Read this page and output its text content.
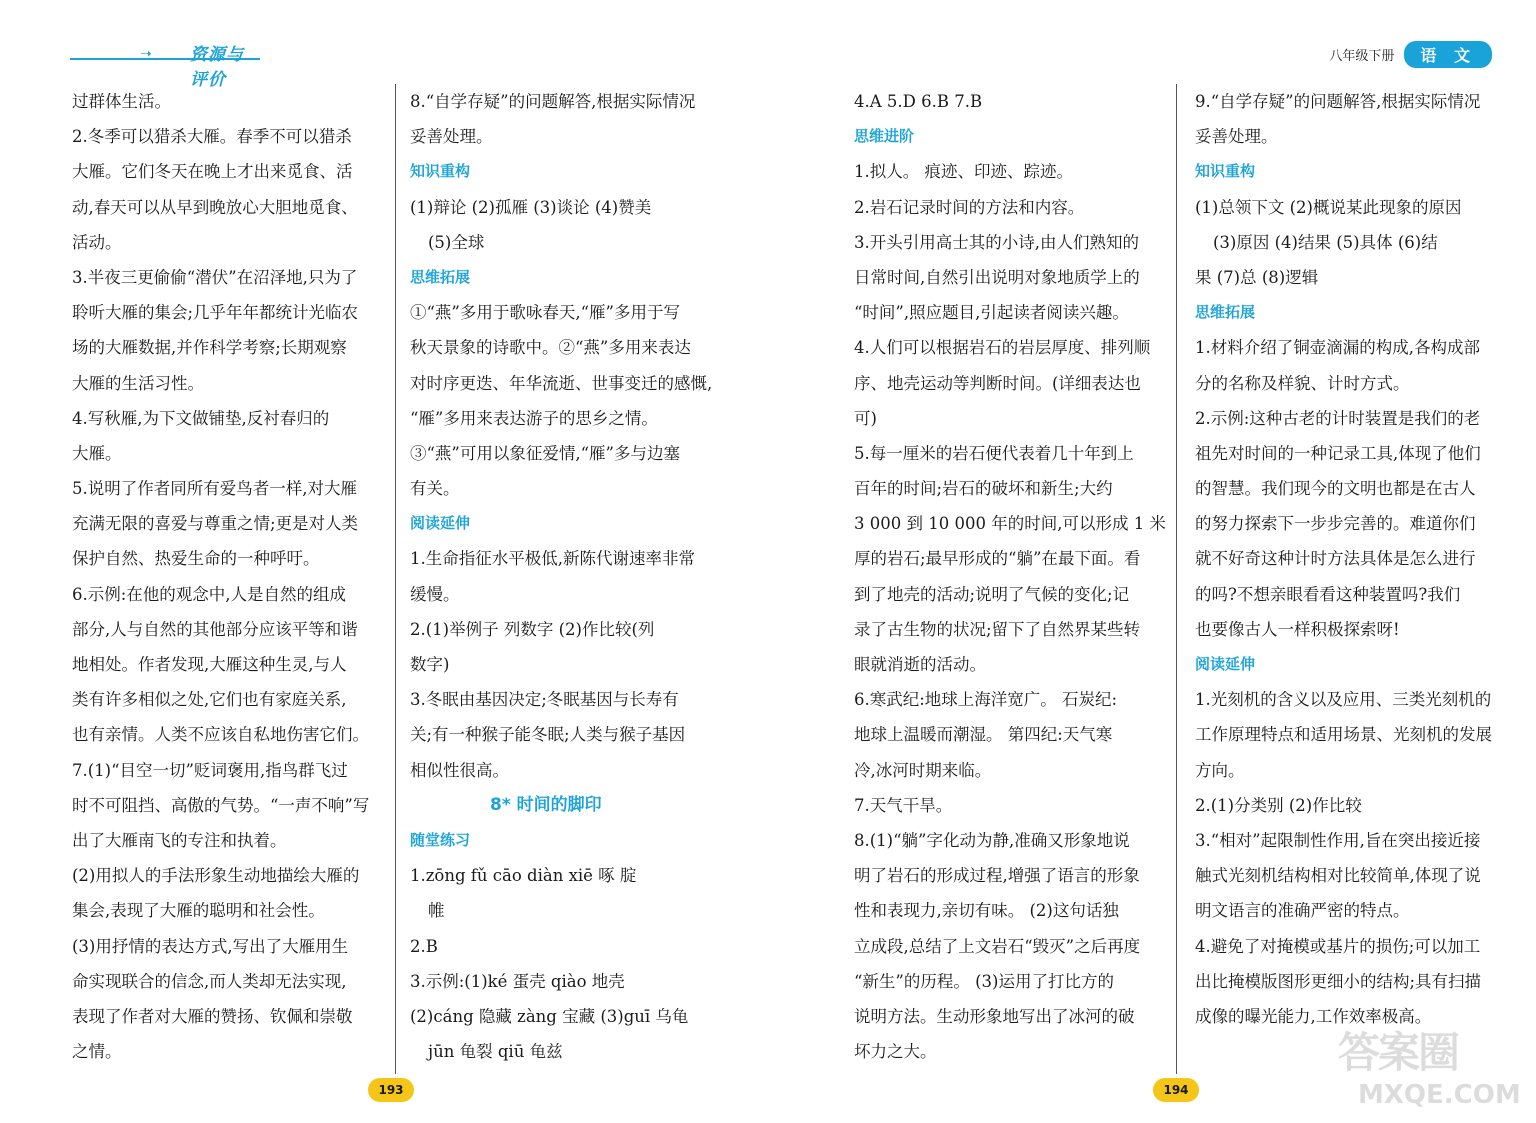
➝ 资源与评价
过群体生活。
2.冬季可以猎杀大雁。春季不可以猎杀
大雁。它们冬天在晚上才出来觅食、活
动,春天可以从早到晚放心大胆地觅食、
活动。
3.半夜三更偷偷“潜伏”在沼泽地,只为了
聆听大雁的集会;几乎年年都统计光临农
场的大雁数据,并作科学考察;长期观察
大雁的生活习性。
4.写秋雁,为下文做铺垫,反衬春归的
大雁。
5.说明了作者同所有爱鸟者一样,对大雁
充满无限的喜爱与尊重之情;更是对人类
保护自然、热爱生命的一种呼吁。
6.示例:在他的观念中,人是自然的组成
部分,人与自然的其他部分应该平等和谐
地相处。作者发现,大雁这种生灵,与人
类有许多相似之处,它们也有家庭关系,
也有亲情。人类不应该自私地伤害它们。
7.(1)“目空一切”贬词褒用,指鸟群飞过
时不可阻挡、高傲的气势。“一声不响”写
出了大雁南飞的专注和执着。
(2)用拟人的手法形象生动地描绘大雁的
集会,表现了大雁的聪明和社会性。
(3)用抒情的表达方式,写出了大雁用生
命实现联合的信念,而人类却无法实现,
表现了作者对大雁的赞扬、钦佩和崇敬
之情。
8.“自学存疑”的问题解答,根据实际情况
妥善处理。
知识重构
(1)辩论 (2)孤雁 (3)谈论 (4)赞美
(5)全球
思维拓展
①“燕”多用于歌咏春天,“雁”多用于写
秋天景象的诗歌中。②“燕”多用来表达
对时序更迭、年华流逝、世事变迁的感慨,
“雁”多用来表达游子的思乡之情。
③“燕”可用以象征爱情,“雁”多与边塞
有关。
阅读延伸
1.生命指征水平极低,新陈代谢速率非常
缓慢。
2.(1)举例子 列数字 (2)作比较(列
数字)
3.冬眠由基因决定;冬眠基因与长寿有
关;有一种猴子能冬眠;人类与猴子基因
相似性很高。
8* 时间的脚印
随堂练习
1.zōng fǔ cāo diàn xiē 啄 腚
帷
2.B
3.示例:(1)ké 蛋壳 qiào 地壳
(2)cáng 隐藏 zàng 宝藏 (3)guī 乌龟
jūn 龟裂 qiū 龟兹
193
八年级下册	语 文
4.A 5.D 6.B 7.B
思维进阶
1.拟人。 痕迹、印迹、踪迹。
2.岩石记录时间的方法和内容。
3.开头引用高士其的小诗,由人们熟知的
日常时间,自然引出说明对象地质学上的
“时间”,照应题目,引起读者阅读兴趣。
4.人们可以根据岩石的岩层厚度、排列顺
序、地壳运动等判断时间。(详细表达也
可)
5.每一厘米的岩石便代表着几十年到上
百年的时间;岩石的破坏和新生;大约
3 000 到 10 000 年的时间,可以形成 1 米
厚的岩石;最早形成的“躺”在最下面。看
到了地壳的活动;说明了气候的变化;记
录了古生物的状况;留下了自然界某些转
眼就消逝的活动。
6.寒武纪:地球上海洋宽广。 石炭纪:
地球上温暖而潮湿。 第四纪:天气寒
冷,冰河时期来临。
7.天气干旱。
8.(1)“躺”字化动为静,准确又形象地说
明了岩石的形成过程,增强了语言的形象
性和表现力,亲切有味。 (2)这句话独
立成段,总结了上文岩石“毁灭”之后再度
“新生”的历程。 (3)运用了打比方的
说明方法。生动形象地写出了冰河的破
坏力之大。
9.“自学存疑”的问题解答,根据实际情况
妥善处理。
知识重构
(1)总领下文 (2)概说某此现象的原因
(3)原因 (4)结果 (5)具体 (6)结
果 (7)总 (8)逻辑
思维拓展
1.材料介绍了铜壶滴漏的构成,各构成部
分的名称及样貌、计时方式。
2.示例:这种古老的计时装置是我们的老
祖先对时间的一种记录工具,体现了他们
的智慧。我们现今的文明也都是在古人
的努力探索下一步步完善的。难道你们
就不好奇这种计时方法具体是怎么进行
的吗?不想亲眼看看这种装置吗?我们
也要像古人一样积极探索呀!
阅读延伸
1.光刻机的含义以及应用、三类光刻机的
工作原理特点和适用场景、光刻机的发展
方向。
2.(1)分类别 (2)作比较
3.“相对”起限制性作用,旨在突出接近接
触式光刻机结构相对比较简单,体现了说
明文语言的准确严密的特点。
4.避免了对掩模或基片的损伤;可以加工
出比掩模版图形更细小的结构;具有扫描
成像的曝光能力,工作效率极高。
194
答案圈
MXQE.COM
